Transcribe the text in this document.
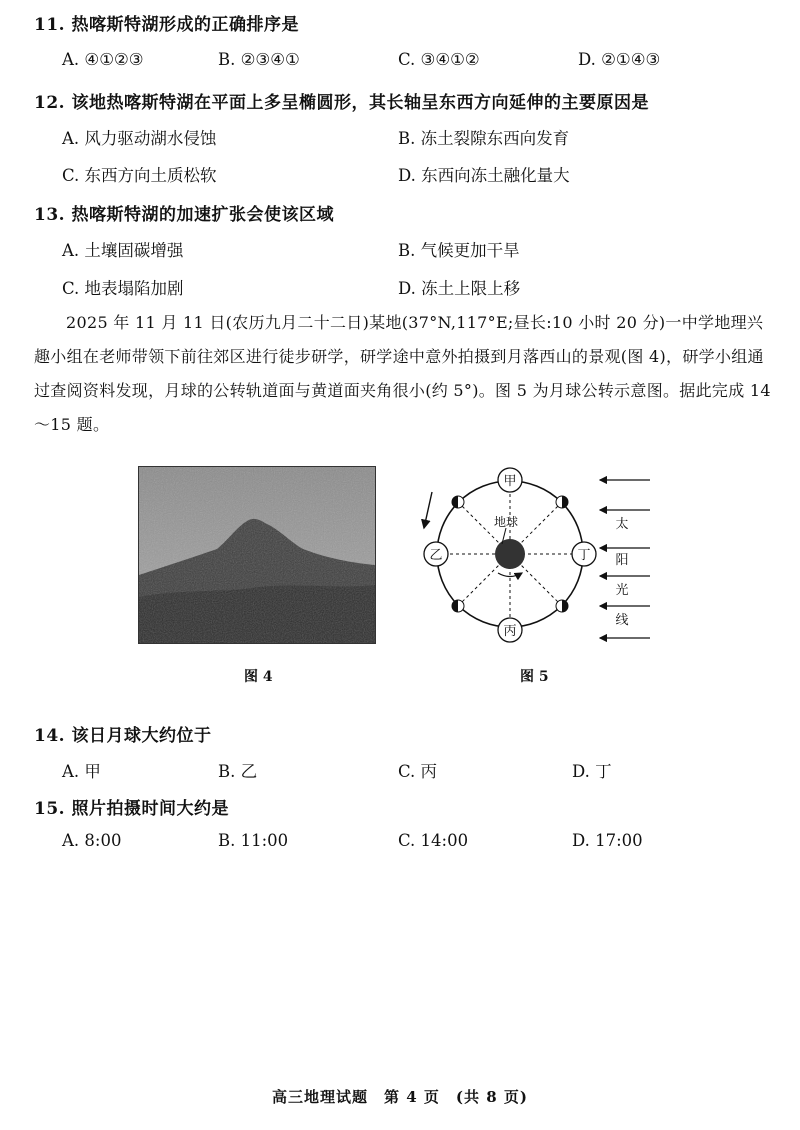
11. 热喀斯特湖形成的正确排序是
A. ④①②③	B. ②③④①	C. ③④①②	D. ②①④③
12. 该地热喀斯特湖在平面上多呈椭圆形，其长轴呈东西方向延伸的主要原因是
A. 风力驱动湖水侵蚀	B. 冻土裂隙东西向发育
C. 东西方向土质松软	D. 东西向冻土融化量大
13. 热喀斯特湖的加速扩张会使该区域
A. 土壤固碳增强	B. 气候更加干旱
C. 地表塌陷加剧	D. 冻土上限上移
2025 年 11 月 11 日(农历九月二十二日)某地(37°N,117°E;昼长:10 小时 20 分)一中学地理兴趣小组在老师带领下前往郊区进行徒步研学，研学途中意外拍摄到月落西山的景观(图 4)，研学小组通过查阅资料发现，月球的公转轨道面与黄道面夹角很小(约 5°)。图 5 为月球公转示意图。据此完成 14～15 题。
图 4
地球
甲
乙
丙
丁
太
阳
光
线
图 5
14. 该日月球大约位于
A. 甲	B. 乙	C. 丙	D. 丁
15. 照片拍摄时间大约是
A. 8:00	B. 11:00	C. 14:00	D. 17:00
高三地理试题　第 4 页　(共 8 页)
